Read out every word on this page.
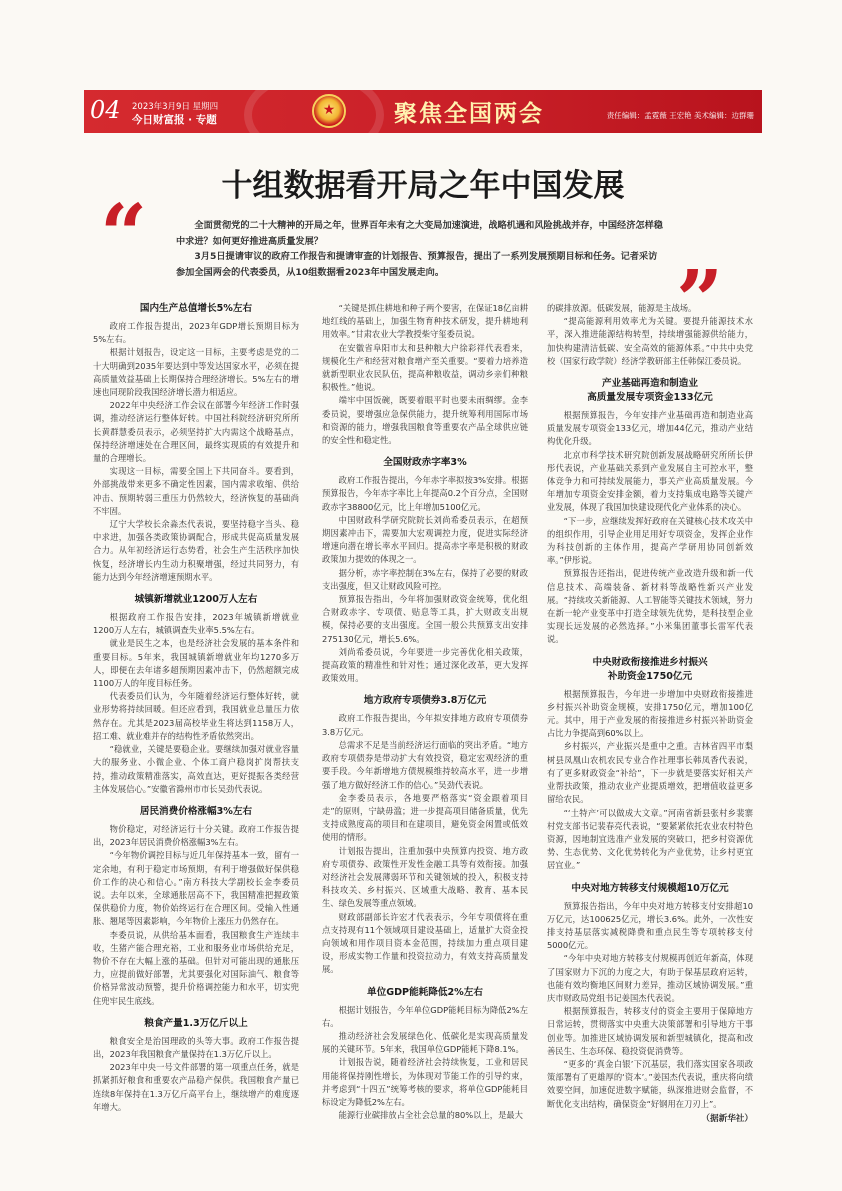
04 2023年3月9日 星期四
今日财富报 · 专题
★	聚焦全国两会	责任编辑：孟霓薇 王宏艳 美术编辑：边群珊
十组数据看开局之年中国发展
“	全面贯彻党的二十大精神的开局之年，世界百年未有之大变局加速演进，战略机遇和风险挑战并存，中国经济怎样稳中求进？如何更好推进高质量发展？

3月5日提请审议的政府工作报告和提请审查的计划报告、预算报告，提出了一系列发展预期目标和任务。记者采访参加全国两会的代表委员，从10组数据看2023年中国发展走向。	”
国内生产总值增长5%左右

政府工作报告提出，2023年GDP增长预期目标为5%左右。

根据计划报告，设定这一目标，主要考虑是党的二十大明确到2035年要达到中等发达国家水平，必须在提高质量效益基础上长期保持合理经济增长。5%左右的增速也同现阶段我国经济增长潜力相适应。

2022年中央经济工作会议在部署今年经济工作时强调，推动经济运行整体好转。中国社科院经济研究所所长黄群慧委员表示，必须坚持扩大内需这个战略基点，保持经济增速处在合理区间，最终实现质的有效提升和量的合理增长。

实现这一目标，需要全国上下共同奋斗。要看到，外部挑战带来更多不确定性因素，国内需求收缩、供给冲击、预期转弱三重压力仍然较大，经济恢复的基础尚不牢固。

辽宁大学校长余淼杰代表说，要坚持稳字当头、稳中求进，加强各类政策协调配合，形成共促高质量发展合力。从年初经济运行态势看，社会生产生活秩序加快恢复，经济增长内生动力积聚增强，经过共同努力，有能力达到今年经济增速预期水平。

城镇新增就业1200万人左右

根据政府工作报告安排，2023年城镇新增就业1200万人左右，城镇调查失业率5.5%左右。

就业是民生之本，也是经济社会发展的基本条件和重要目标。5年来，我国城镇新增就业年均1270多万人，即便在去年诸多超预期因素冲击下，仍然超额完成1100万人的年度目标任务。

代表委员们认为，今年随着经济运行整体好转，就业形势将持续回暖。但还应看到，我国就业总量压力依然存在。尤其是2023届高校毕业生将达到1158万人，招工难、就业难并存的结构性矛盾依然突出。

“稳就业，关键是要稳企业。要继续加强对就业容量大的服务业、小微企业、个体工商户稳岗扩岗帮扶支持，推动政策精准落实，高效直达，更好提振各类经营主体发展信心。”安徽省滁州市市长吴劲代表说。

居民消费价格涨幅3%左右

物价稳定，对经济运行十分关键。政府工作报告提出，2023年居民消费价格涨幅3%左右。

“今年物价调控目标与近几年保持基本一致，留有一定余地，有利于稳定市场预期，有利于增强做好保供稳价工作的决心和信心。”南方科技大学副校长金李委员说。去年以来，全球通胀居高不下，我国精准把握政策保供稳价力度，物价始终运行在合理区间。受输入性通胀、翘尾等因素影响，今年物价上涨压力仍然存在。

李委员说，从供给基本面看，我国粮食生产连续丰收，生猪产能合理充裕，工业和服务业市场供给充足，物价不存在大幅上涨的基础。但针对可能出现的通胀压力，应提前做好部署，尤其要强化对国际油气、粮食等价格异常波动预警，提升价格调控能力和水平，切实兜住兜牢民生底线。

粮食产量1.3万亿斤以上

粮食安全是治国理政的头等大事。政府工作报告提出，2023年我国粮食产量保持在1.3万亿斤以上。

2023年中央一号文件部署的第一项重点任务，就是抓紧抓好粮食和重要农产品稳产保供。我国粮食产量已连续8年保持在1.3万亿斤高平台上，继续增产的难度逐年增大。

“关键是抓住耕地和种子两个要害，在保证18亿亩耕地红线的基础上，加强生物育种技术研发，提升耕地利用效率。”甘肃农业大学教授柴守玺委员说。

在安徽省阜阳市太和县种粮大户徐彩祥代表看来，规模化生产和经营对粮食增产至关重要。“要着力培养造就新型职业农民队伍，提高种粮收益，调动乡亲们种粮积极性。”他说。

端牢中国饭碗，既要着眼平时也要未雨绸缪。金李委员说，要增强应急保供能力，提升统筹利用国际市场和资源的能力，增强我国粮食等重要农产品全球供应链的安全性和稳定性。

全国财政赤字率3%

政府工作报告提出，今年赤字率拟按3%安排。根据预算报告，今年赤字率比上年提高0.2个百分点，全国财政赤字38800亿元，比上年增加5100亿元。

中国财政科学研究院院长刘尚希委员表示，在超预期因素冲击下，需要加大宏观调控力度，促进实际经济增速向潜在增长率水平回归。提高赤字率是积极的财政政策加力提效的体现之一。

据分析，赤字率控制在3%左右，保持了必要的财政支出强度，但又让财政风险可控。

预算报告指出，今年将加强财政资金统筹，优化组合财政赤字、专项债、贴息等工具，扩大财政支出规模，保持必要的支出强度。全国一般公共预算支出安排275130亿元，增长5.6%。

刘尚希委员说，今年要进一步完善优化相关政策，提高政策的精准性和针对性；通过深化改革，更大发挥政策效用。

地方政府专项债券3.8万亿元

政府工作报告提出，今年拟安排地方政府专项债券3.8万亿元。

总需求不足是当前经济运行面临的突出矛盾。“地方政府专项债券是带动扩大有效投资，稳定宏观经济的重要手段。今年新增地方债规模维持较高水平，进一步增强了地方做好经济工作的信心。”吴劲代表说。

金李委员表示，各地要严格落实“资金跟着项目走”的原则，宁缺毋滥；进一步提高项目储备质量，优先支持成熟度高的项目和在建项目，避免资金闲置或低效使用的情形。

计划报告提出，注重加强中央预算内投资、地方政府专项债券、政策性开发性金融工具等有效衔接。加强对经济社会发展薄弱环节和关键领域的投入，积极支持科技攻关、乡村振兴、区域重大战略、教育、基本民生、绿色发展等重点领域。

财政部副部长许宏才代表表示，今年专项债将在重点支持现有11个领域项目建设基础上，适量扩大资金投向领域和用作项目资本金范围，持续加力重点项目建设，形成实物工作量和投资拉动力，有效支持高质量发展。

单位GDP能耗降低2%左右

根据计划报告，今年单位GDP能耗目标为降低2%左右。

推动经济社会发展绿色化、低碳化是实现高质量发展的关键环节。5年来，我国单位GDP能耗下降8.1%。

计划报告说，随着经济社会持续恢复，工业和居民用能将保持刚性增长，为体现对节能工作的引导约束，并考虑到“十四五”统筹考核的要求，将单位GDP能耗目标设定为降低2%左右。

能源行业碳排放占全社会总量的80%以上，是最大

的碳排放源。低碳发展，能源是主战场。

“提高能源利用效率尤为关键。要提升能源技术水平，深入推进能源结构转型，持续增强能源供给能力，加快构建清洁低碳、安全高效的能源体系。”中共中央党校（国家行政学院）经济学教研部主任韩保江委员说。

产业基础再造和制造业
高质量发展专项资金133亿元

根据预算报告，今年安排产业基础再造和制造业高质量发展专项资金133亿元，增加44亿元，推动产业结构优化升级。

北京市科学技术研究院创新发展战略研究所所长伊彤代表说，产业基础关系到产业发展自主可控水平，整体竞争力和可持续发展能力，事关产业高质量发展。今年增加专项资金安排金额，着力支持集成电路等关键产业发展，体现了我国加快建设现代化产业体系的决心。

“下一步，应继续发挥好政府在关键核心技术攻关中的组织作用，引导企业用足用好专项资金，发挥企业作为科技创新的主体作用，提高产学研用协同创新效率。”伊彤说。

预算报告还指出，促进传统产业改造升级和新一代信息技术、高端装备、新材料等战略性新兴产业发展。“持续攻关新能源、人工智能等关键技术领域，努力在新一轮产业变革中打造全球领先优势，是科技型企业实现长远发展的必然选择。”小米集团董事长雷军代表说。

中央财政衔接推进乡村振兴
补助资金1750亿元

根据预算报告，今年进一步增加中央财政衔接推进乡村振兴补助资金规模，安排1750亿元，增加100亿元。其中，用于产业发展的衔接推进乡村振兴补助资金占比力争提高到60%以上。

乡村振兴，产业振兴是重中之重。吉林省四平市梨树县凤凰山农机农民专业合作社理事长韩凤香代表说，有了更多财政资金“补给”，下一步就是要落实好相关产业帮扶政策，推动农业产业提质增效，把增值收益更多留给农民。

“‘土特产’可以做成大文章。”河南省新县张村乡裴寨村党支部书记裴春亮代表说，“要紧紧依托农业农村特色资源，因地制宜选准产业发展的突破口，把乡村资源优势、生态优势、文化优势转化为产业优势，让乡村更宜居宜业。”

中央对地方转移支付规模超10万亿元

预算报告指出，今年中央对地方转移支付安排超10万亿元，达100625亿元，增长3.6%。此外，一次性安排支持基层落实减税降费和重点民生等专项转移支付5000亿元。

“今年中央对地方转移支付规模再创近年新高，体现了国家财力下沉的力度之大，有助于保基层政府运转，也能有效均衡地区间财力差异，推动区域协调发展。”重庆市财政局党组书记姜国杰代表说。

根据预算报告，转移支付的资金主要用于保障地方日常运转，贯彻落实中央重大决策部署和引导地方干事创业等。加推进区域协调发展和新型城镇化，提高和改善民生、生态环保、稳投资促消费等。

“更多的‘真金白银’下沉基层，我们落实国家各项政策部署有了更雄厚的‘资本’。”姜国杰代表说，重庆将向绩效要空间，加速促进数字赋能，纵深推进财会监督，不断优化支出结构，确保资金“好钢用在刀刃上”。

（据新华社）
